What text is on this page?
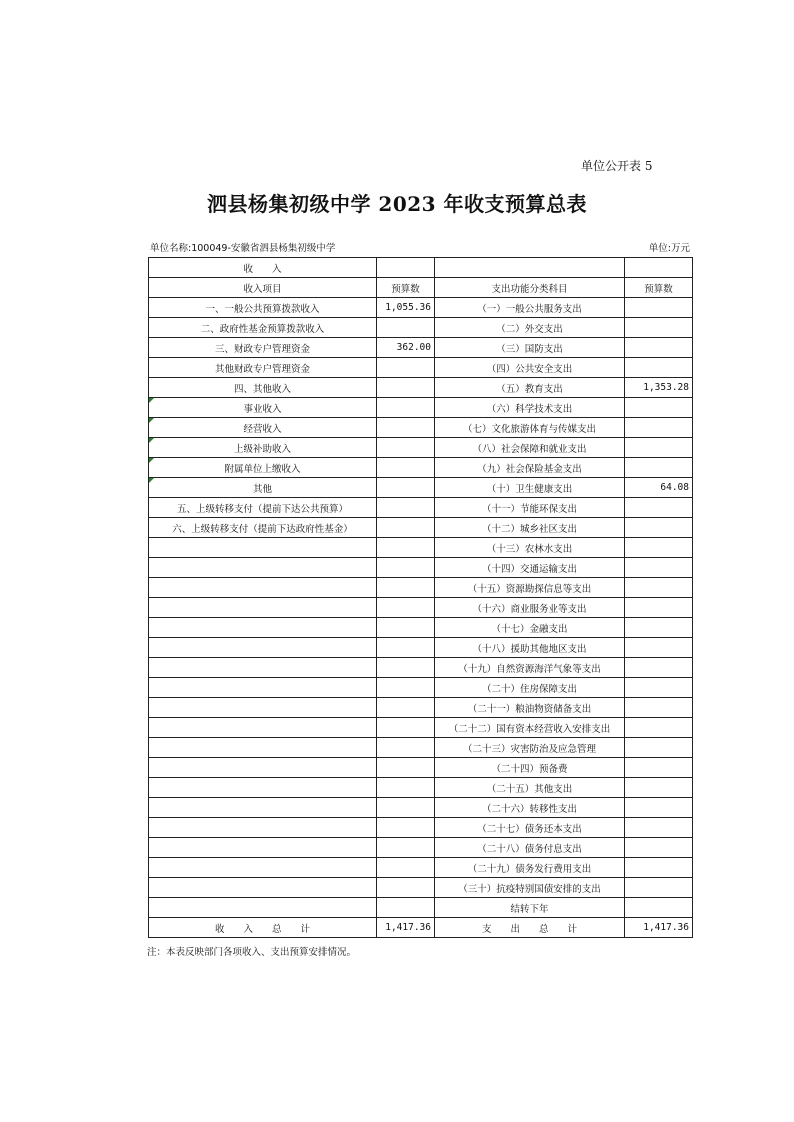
单位公开表 5
泗县杨集初级中学 2023 年收支预算总表
单位名称:100049-安徽省泗县杨集初级中学	单位:万元
收　　入			
收入项目	预算数	支出功能分类科目	预算数
一、一般公共预算拨款收入	1,055.36	（一）一般公共服务支出	
二、政府性基金预算拨款收入		（二）外交支出	
三、财政专户管理资金	362.00	（三）国防支出	
其他财政专户管理资金		（四）公共安全支出	
四、其他收入		（五）教育支出	1,353.28
事业收入		（六）科学技术支出	
经营收入		（七）文化旅游体育与传媒支出	
上级补助收入		（八）社会保障和就业支出	
附属单位上缴收入		（九）社会保险基金支出	
其他		（十）卫生健康支出	64.08
五、上级转移支付（提前下达公共预算）		（十一）节能环保支出	
六、上级转移支付（提前下达政府性基金）		（十二）城乡社区支出	
		（十三）农林水支出	
		（十四）交通运输支出	
		（十五）资源勘探信息等支出	
		（十六）商业服务业等支出	
		（十七）金融支出	
		（十八）援助其他地区支出	
		（十九）自然资源海洋气象等支出	
		（二十）住房保障支出	
		（二十一）粮油物资储备支出	
		（二十二）国有资本经营收入安排支出	
		（二十三）灾害防治及应急管理	
		（二十四）预备费	
		（二十五）其他支出	
		（二十六）转移性支出	
		（二十七）债务还本支出	
		（二十八）债务付息支出	
		（二十九）债务发行费用支出	
		（三十）抗疫特别国债安排的支出	
		结转下年	
收　　入　　总　　计	1,417.36	支　　出　　总　　计	1,417.36
注：本表反映部门各项收入、支出预算安排情况。
